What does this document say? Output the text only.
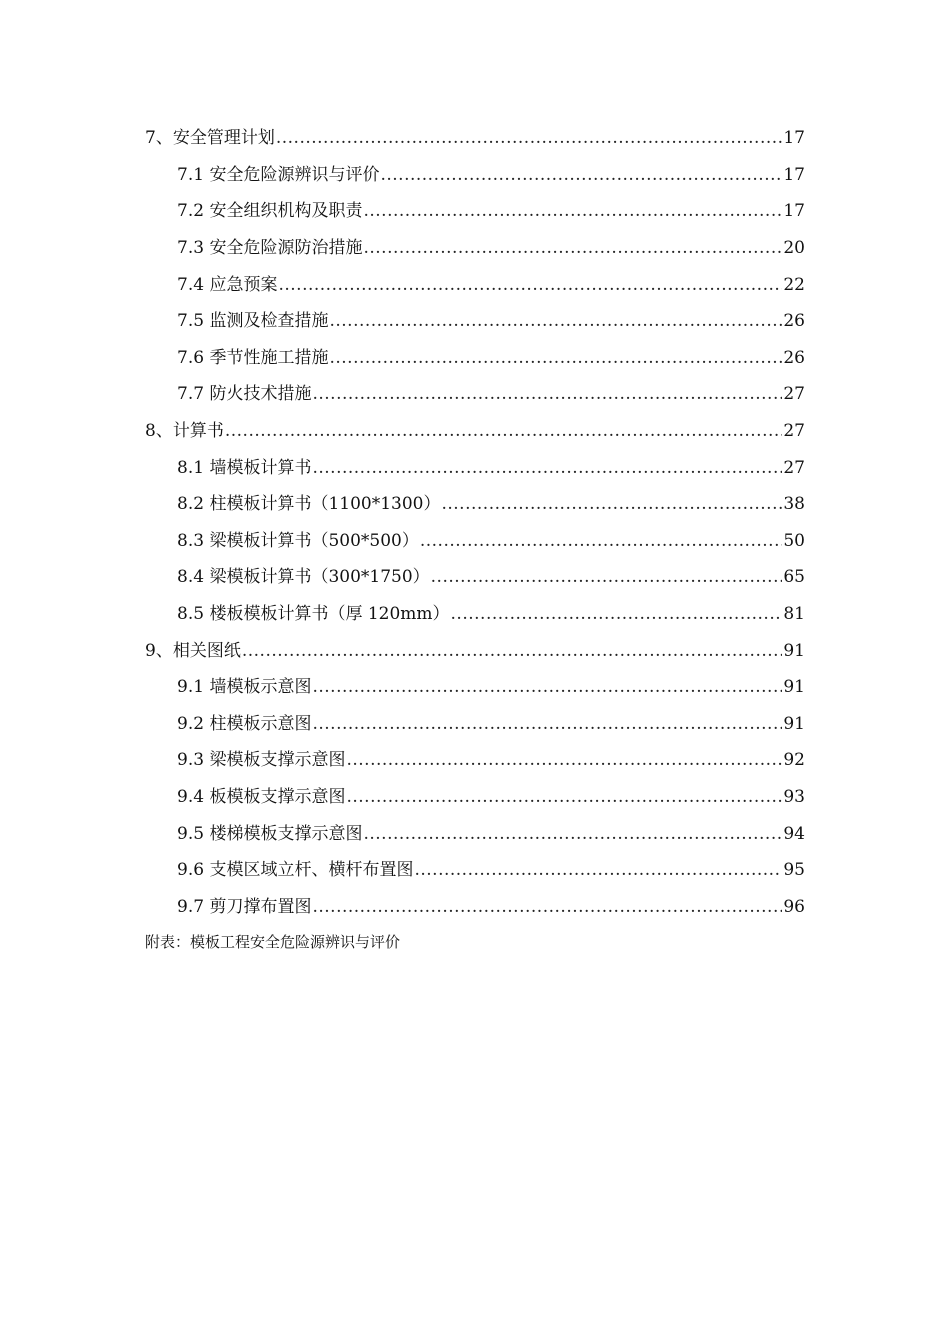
7、安全管理计划 .....	17
7.1 安全危险源辨识与评价 .....	17
7.2 安全组织机构及职责 .....	17
7.3 安全危险源防治措施 .....	20
7.4 应急预案 .....	22
7.5 监测及检查措施 .....	26
7.6 季节性施工措施 .....	26
7.7 防火技术措施 .....	27
8、计算书 .....	27
8.1 墙模板计算书 .....	27
8.2 柱模板计算书（1100*1300） .....	38
8.3 梁模板计算书（500*500） .....	50
8.4 梁模板计算书（300*1750） .....	65
8.5 楼板模板计算书（厚 120mm） .....	81
9、相关图纸 .....	91
9.1 墙模板示意图 .....	91
9.2 柱模板示意图 .....	91
9.3 梁模板支撑示意图 .....	92
9.4 板模板支撑示意图 .....	93
9.5 楼梯模板支撑示意图 .....	94
9.6 支模区域立杆、横杆布置图 .....	95
9.7 剪刀撑布置图 .....	96
附表：模板工程安全危险源辨识与评价
